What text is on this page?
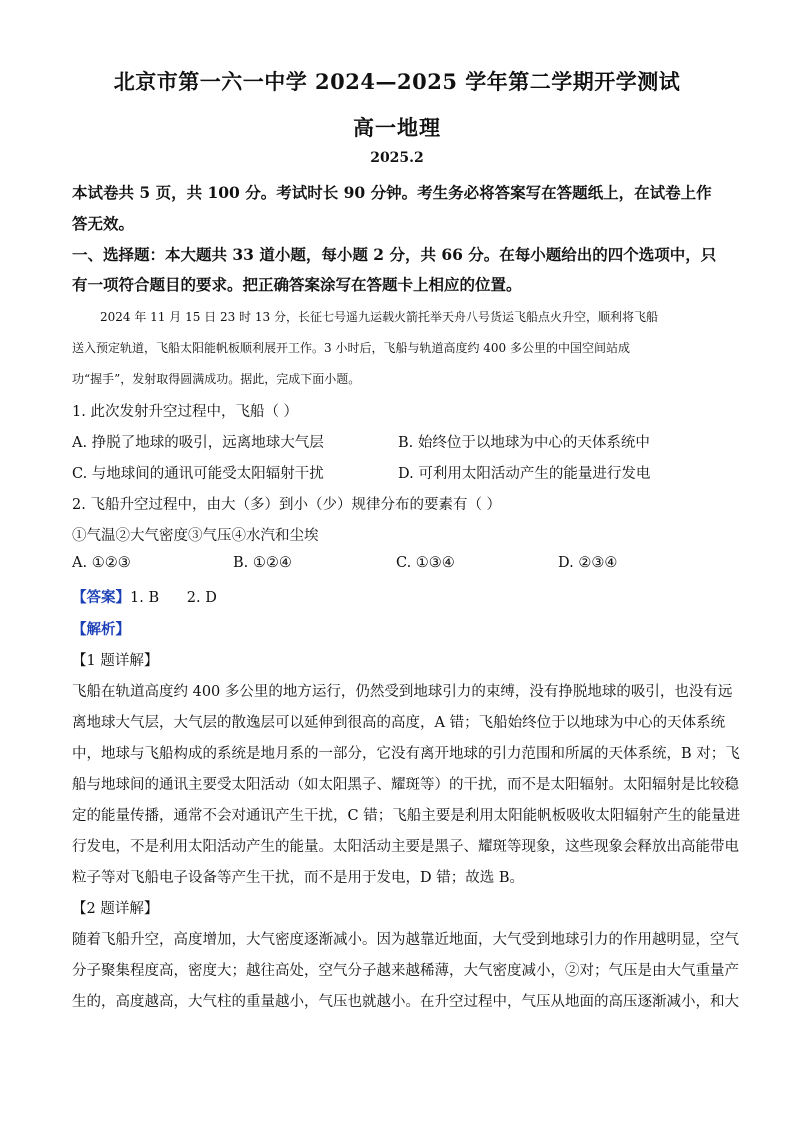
北京市第一六一中学 2024—2025 学年第二学期开学测试
高一地理
2025.2
本试卷共 5 页，共 100 分。考试时长 90 分钟。考生务必将答案写在答题纸上，在试卷上作
答无效。
一、选择题：本大题共 33 道小题，每小题 2 分，共 66 分。在每小题给出的四个选项中，只
有一项符合题目的要求。把正确答案涂写在答题卡上相应的位置。
2024 年 11 月 15 日 23 时 13 分，长征七号遥九运载火箭托举天舟八号货运飞船点火升空，顺利将飞船
送入预定轨道，飞船太阳能帆板顺利展开工作。3 小时后，飞船与轨道高度约 400 多公里的中国空间站成
功“握手”，发射取得圆满成功。据此，完成下面小题。
1. 此次发射升空过程中，飞船（ ）
A. 挣脱了地球的吸引，远离地球大气层	B. 始终位于以地球为中心的天体系统中
C. 与地球间的通讯可能受太阳辐射干扰	D. 可利用太阳活动产生的能量进行发电
2. 飞船升空过程中，由大（多）到小（少）规律分布的要素有（ ）
①气温②大气密度③气压④水汽和尘埃
A. ①②③	B. ①②④	C. ①③④	D. ②③④
【答案】1. B      2. D
【解析】
【1 题详解】
飞船在轨道高度约 400 多公里的地方运行，仍然受到地球引力的束缚，没有挣脱地球的吸引，也没有远
离地球大气层，大气层的散逸层可以延伸到很高的高度，A 错；飞船始终位于以地球为中心的天体系统
中，地球与飞船构成的系统是地月系的一部分，它没有离开地球的引力范围和所属的天体系统，B 对；飞
船与地球间的通讯主要受太阳活动（如太阳黑子、耀斑等）的干扰，而不是太阳辐射。太阳辐射是比较稳
定的能量传播，通常不会对通讯产生干扰，C 错；飞船主要是利用太阳能帆板吸收太阳辐射产生的能量进
行发电，不是利用太阳活动产生的能量。太阳活动主要是黑子、耀斑等现象，这些现象会释放出高能带电
粒子等对飞船电子设备等产生干扰，而不是用于发电，D 错；故选 B。
【2 题详解】
随着飞船升空，高度增加，大气密度逐渐减小。因为越靠近地面，大气受到地球引力的作用越明显，空气
分子聚集程度高，密度大；越往高处，空气分子越来越稀薄，大气密度减小，②对；气压是由大气重量产
生的，高度越高，大气柱的重量越小，气压也就越小。在升空过程中，气压从地面的高压逐渐减小，和大
